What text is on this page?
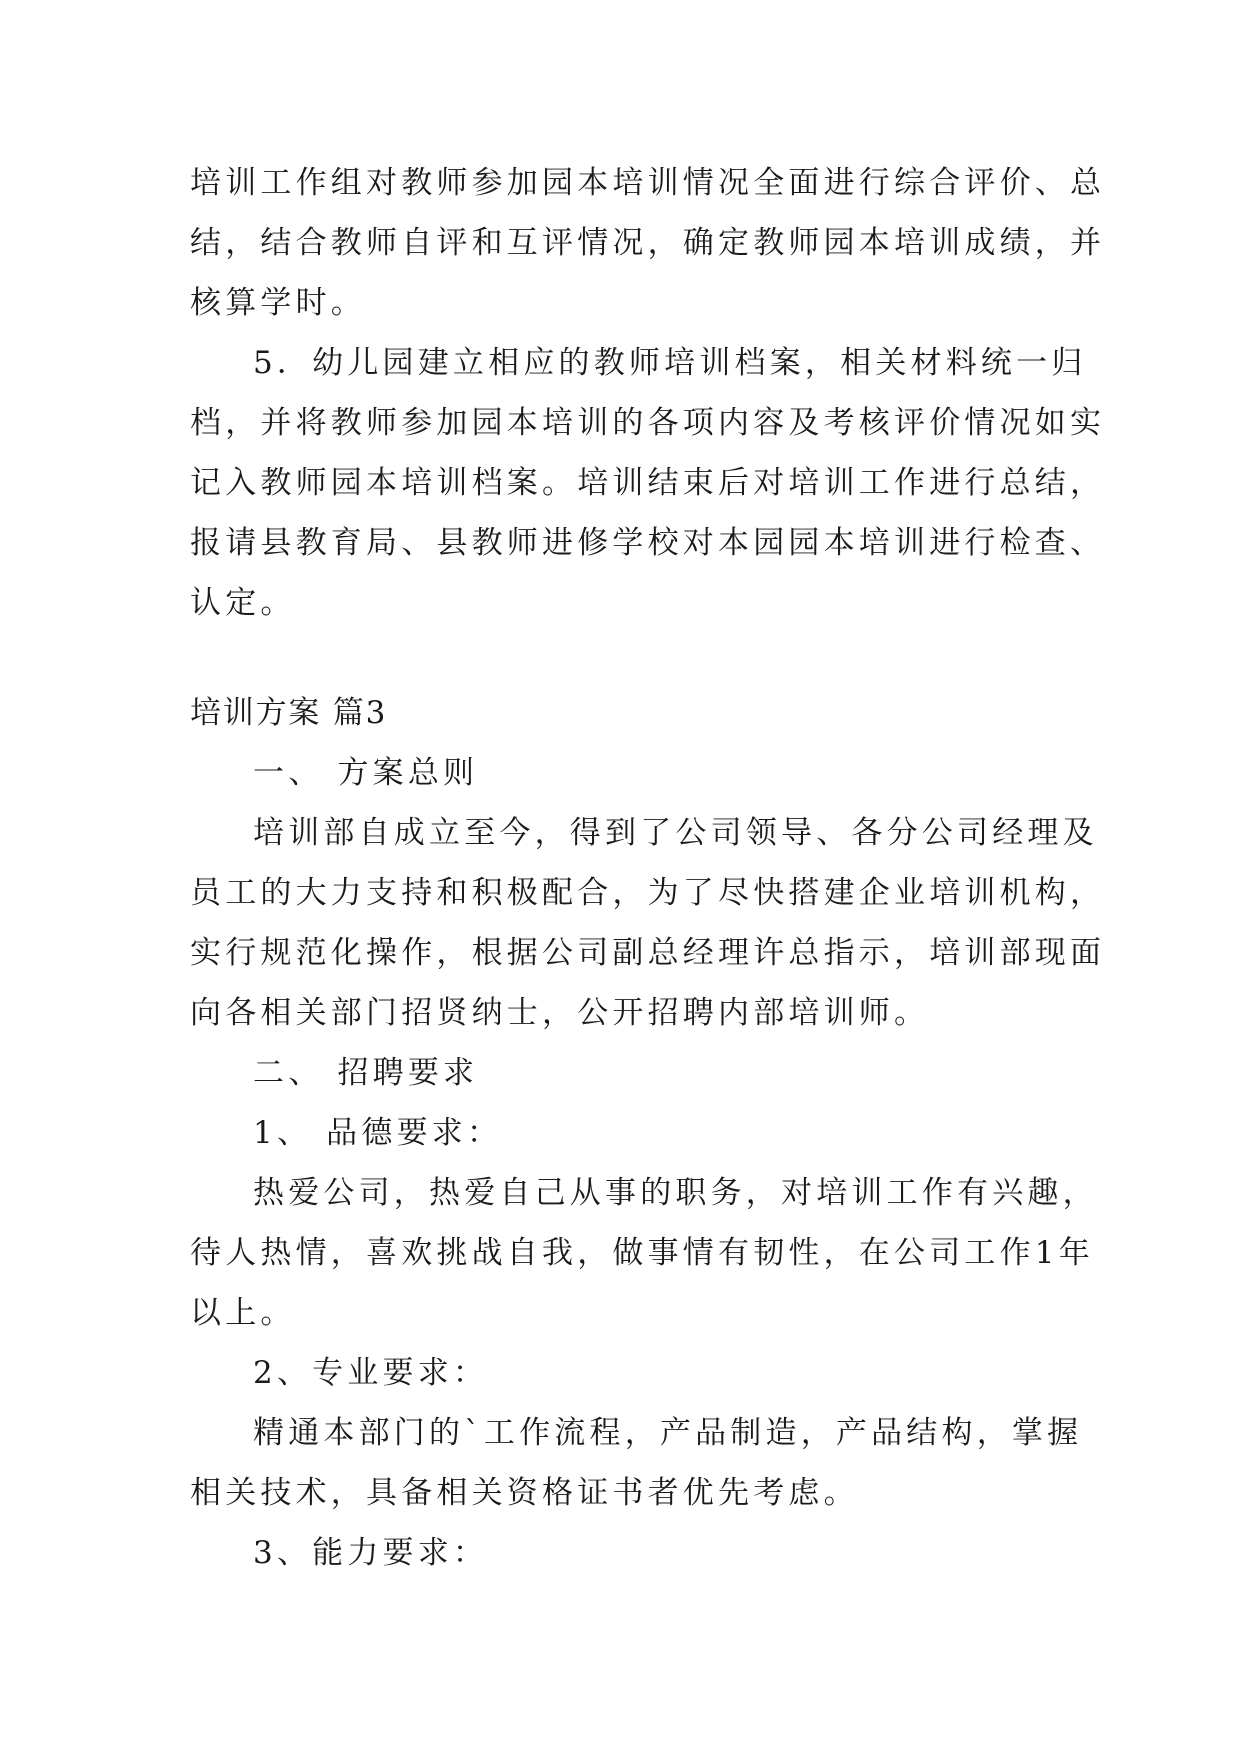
培训工作组对教师参加园本培训情况全面进行综合评价、总
结，结合教师自评和互评情况，确定教师园本培训成绩，并
核算学时。
5．幼儿园建立相应的教师培训档案，相关材料统一归
档，并将教师参加园本培训的各项内容及考核评价情况如实
记入教师园本培训档案。培训结束后对培训工作进行总结，
报请县教育局、县教师进修学校对本园园本培训进行检查、
认定。
培训方案 篇3
一、 方案总则
培训部自成立至今，得到了公司领导、各分公司经理及
员工的大力支持和积极配合，为了尽快搭建企业培训机构，
实行规范化操作，根据公司副总经理许总指示，培训部现面
向各相关部门招贤纳士，公开招聘内部培训师。
二、 招聘要求
1、 品德要求：
热爱公司，热爱自己从事的职务，对培训工作有兴趣，
待人热情，喜欢挑战自我，做事情有韧性，在公司工作1年
以上。
2、专业要求：
精通本部门的`工作流程，产品制造，产品结构，掌握
相关技术，具备相关资格证书者优先考虑。
3、能力要求：
